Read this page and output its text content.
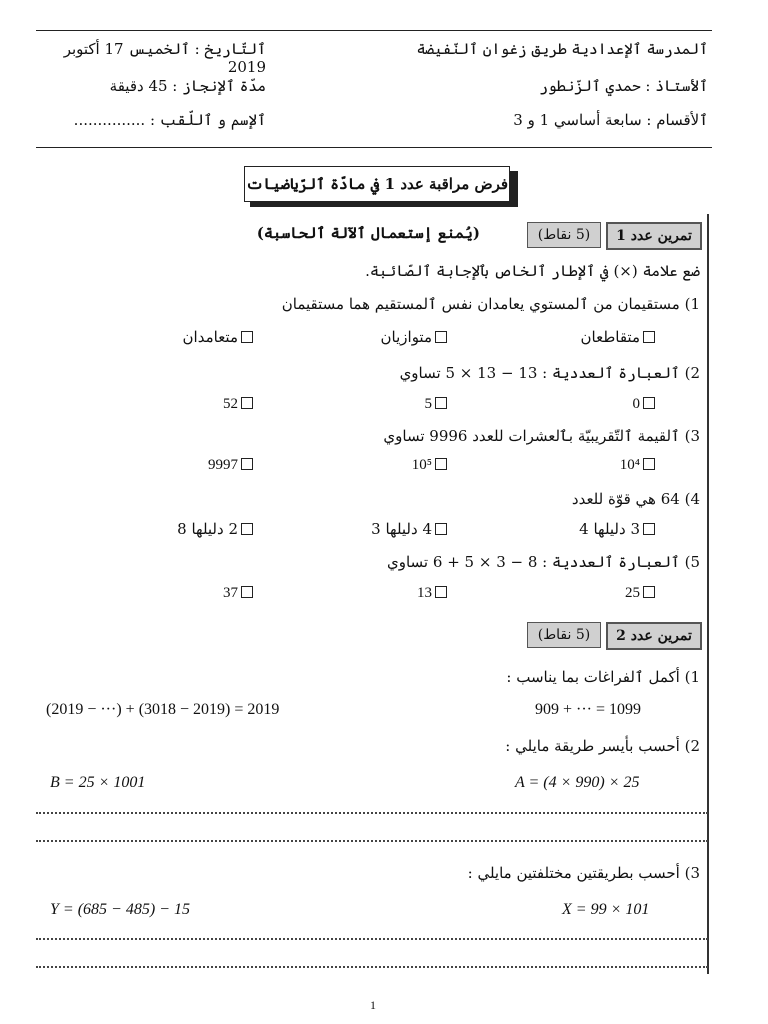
ٱلمدرسة ٱلإعدادية طريق زغوان ٱلنّفيضة
ٱلتّاريخ : ٱلخميس 17 أكتوبر 2019
ٱلأستاذ : حمدي ٱلزّنطور
مدّة ٱلإنجاز : 45 دقيقة
ٱلأقسام : سابعة أساسي 1 و 3
ٱلإسم و ٱللّقب : ...............
فرض مراقبة عدد 1 في مادّة ٱلرّياضيات
تمرين عدد 1
(5 نقاط)
(يُمنع إستعمال ٱلآلة ٱلحاسبة)
ضع علامة (×) في ٱلإطار ٱلخاص بٱلإجابة ٱلصّائبة.
1) مستقيمان من ٱلمستوي يعامدان نفس ٱلمستقيم هما مستقيمان
متقاطعان
متوازيان
متعامدان
2) ٱلعبارة ٱلعددية : 13 − 13 × 5 تساوي
0
5
52
3) ٱلقيمة ٱلتّقريبيّة بٱلعشرات للعدد 9996 تساوي
10⁴
10⁵
9997
4) 64 هي قوّة للعدد
3 دليلها 4
4 دليلها 3
2 دليلها 8
5) ٱلعبارة ٱلعددية : 8 − 3 × 5 + 6 تساوي
25
13
37
تمرين عدد 2
(5 نقاط)
1) أكمل ٱلفراغات بما يناسب :
909 + ··· = 1099
(2019 − ···) + (3018 − 2019) = 2019
2) أحسب بأيسر طريقة مايلي :
A = (4 × 990) × 25
B = 25 × 1001
3) أحسب بطريقتين مختلفتين مايلي :
X = 99 × 101
Y = (685 − 485) − 15
1
